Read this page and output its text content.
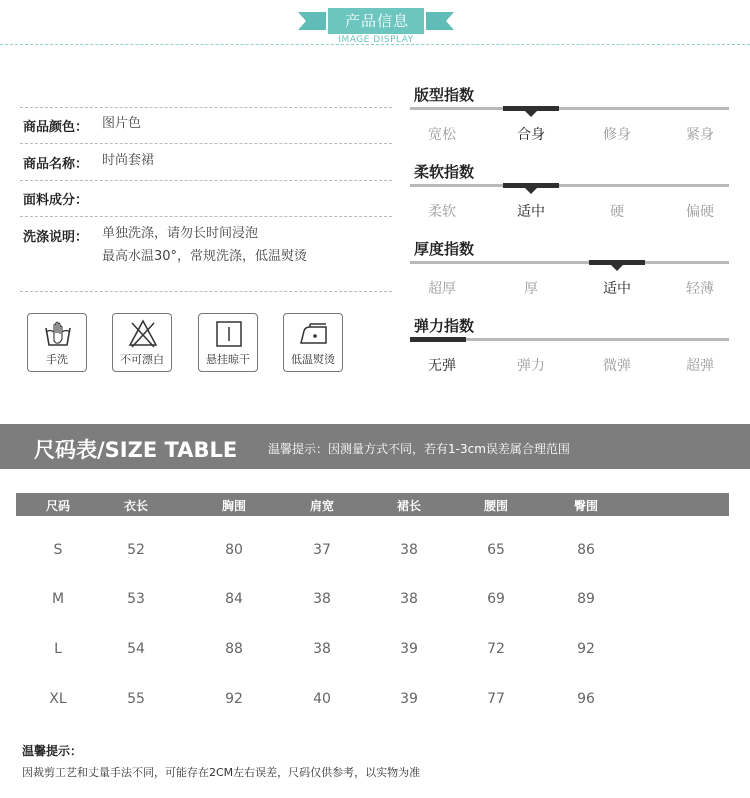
产品信息
IMAGE DISPLAY
商品颜色： 图片色
商品名称： 时尚套裙
面料成分：
洗涤说明： 单独洗涤，请勿长时间浸泡
最高水温30°，常规洗涤，低温熨烫
手洗	不可漂白	悬挂晾干	低温熨烫
版型指数
宽松	合身	修身	紧身
柔软指数
柔软	适中	硬	偏硬
厚度指数
超厚	厚	适中	轻薄
弹力指数
无弹	弹力	微弹	超弹
尺码表/SIZE TABLE	温馨提示：因测量方式不同，若有1-3cm误差属合理范围
尺码	衣长	胸围	肩宽	裙长	腰围	臀围
S	52	80	37	38	65	86
M	53	84	38	38	69	89
L	54	88	38	39	72	92
XL	55	92	40	39	77	96
温馨提示：
因裁剪工艺和丈量手法不同，可能存在2CM左右误差，尺码仅供参考，以实物为准
